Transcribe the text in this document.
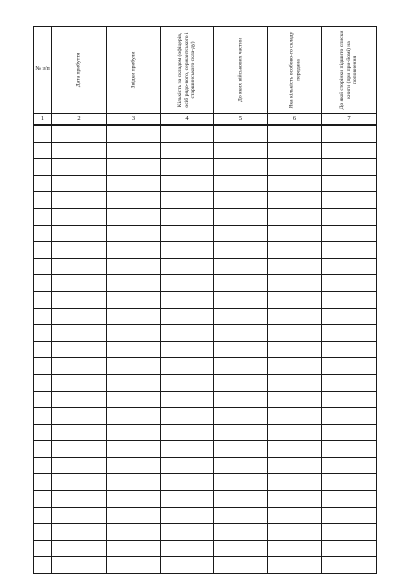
№ з/п	Дата прибуття	Звідки прибули	Кількість за складом (офіцерів, осіб рядо-вого, сержантського і старшинського скла-ду)	До яких військових частин	Яка кількість особово-го складу передана	До якої сторінки підшито списки книги (при при-йомі) на поповнення

1	2	3	4	5	6	7
